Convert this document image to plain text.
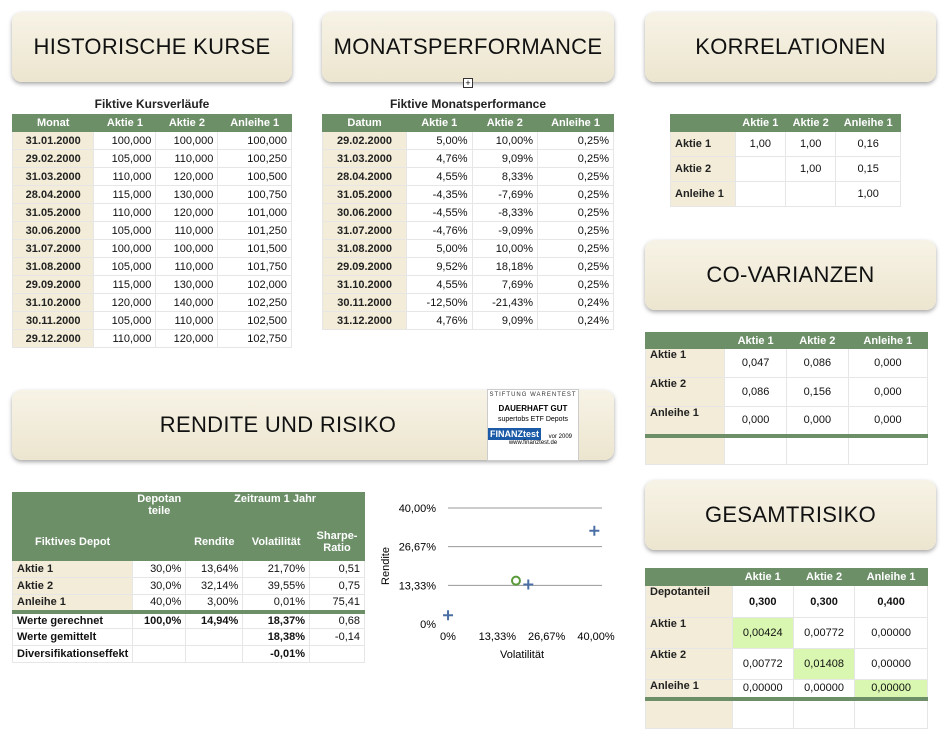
HISTORISCHE KURSE	MONATSPERFORMANCE
+
KORRELATIONEN
CO-VARIANZEN
RENDITE UND RISIKO
GESAMTRISIKO
STIFTUNG WARENTEST
DAUERHAFT GUT
supertobs ETF Depots
FINANZtest	vor 2009
www.finanztest.de
Fiktive Kursverläufe
Monat	Aktie 1	Aktie 2	Anleihe 1
31.01.2000	100,000	100,000	100,000
29.02.2000	105,000	110,000	100,250
31.03.2000	110,000	120,000	100,500
28.04.2000	115,000	130,000	100,750
31.05.2000	110,000	120,000	101,000
30.06.2000	105,000	110,000	101,250
31.07.2000	100,000	100,000	101,500
31.08.2000	105,000	110,000	101,750
29.09.2000	115,000	130,000	102,000
31.10.2000	120,000	140,000	102,250
30.11.2000	105,000	110,000	102,500
29.12.2000	110,000	120,000	102,750
Fiktive Monatsperformance
Datum	Aktie 1	Aktie 2	Anleihe 1
29.02.2000	5,00%	10,00%	0,25%
31.03.2000	4,76%	9,09%	0,25%
28.04.2000	4,55%	8,33%	0,25%
31.05.2000	-4,35%	-7,69%	0,25%
30.06.2000	-4,55%	-8,33%	0,25%
31.07.2000	-4,76%	-9,09%	0,25%
31.08.2000	5,00%	10,00%	0,25%
29.09.2000	9,52%	18,18%	0,25%
31.10.2000	4,55%	7,69%	0,25%
30.11.2000	-12,50%	-21,43%	0,24%
31.12.2000	4,76%	9,09%	0,24%
	Aktie 1	Aktie 2	Anleihe 1
Aktie 1	1,00	1,00	0,16
Aktie 2		1,00	0,15
Anleihe 1			1,00
	Aktie 1	Aktie 2	Anleihe 1
Aktie 1	0,047	0,086	0,000
Aktie 2	0,086	0,156	0,000
Anleihe 1	0,000	0,000	0,000

	Aktie 1	Aktie 2	Anleihe 1
Depotanteil	0,300	0,300	0,400
Aktie 1	0,00424	0,00772	0,00000
Aktie 2	0,00772	0,01408	0,00000
Anleihe 1	0,00000	0,00000	0,00000

	Depotan teile	Zeitraum 1 Jahr		
Fiktives Depot		Rendite	Volatilität	Sharpe-Ratio
Aktie 1	30,0%	13,64%	21,70%	0,51
Aktie 2	30,0%	32,14%	39,55%	0,75
Anleihe 1	40,0%	3,00%	0,01%	75,41
Werte gerechnet	100,0%	14,94%	18,37%	0,68
Werte gemittelt			18,38%	-0,14
Diversifikationseffekt			-0,01%	
0%
13,33%
26,67%
40,00%
0% 13,33% 26,67% 40,00%
Volatilität
Rendite
